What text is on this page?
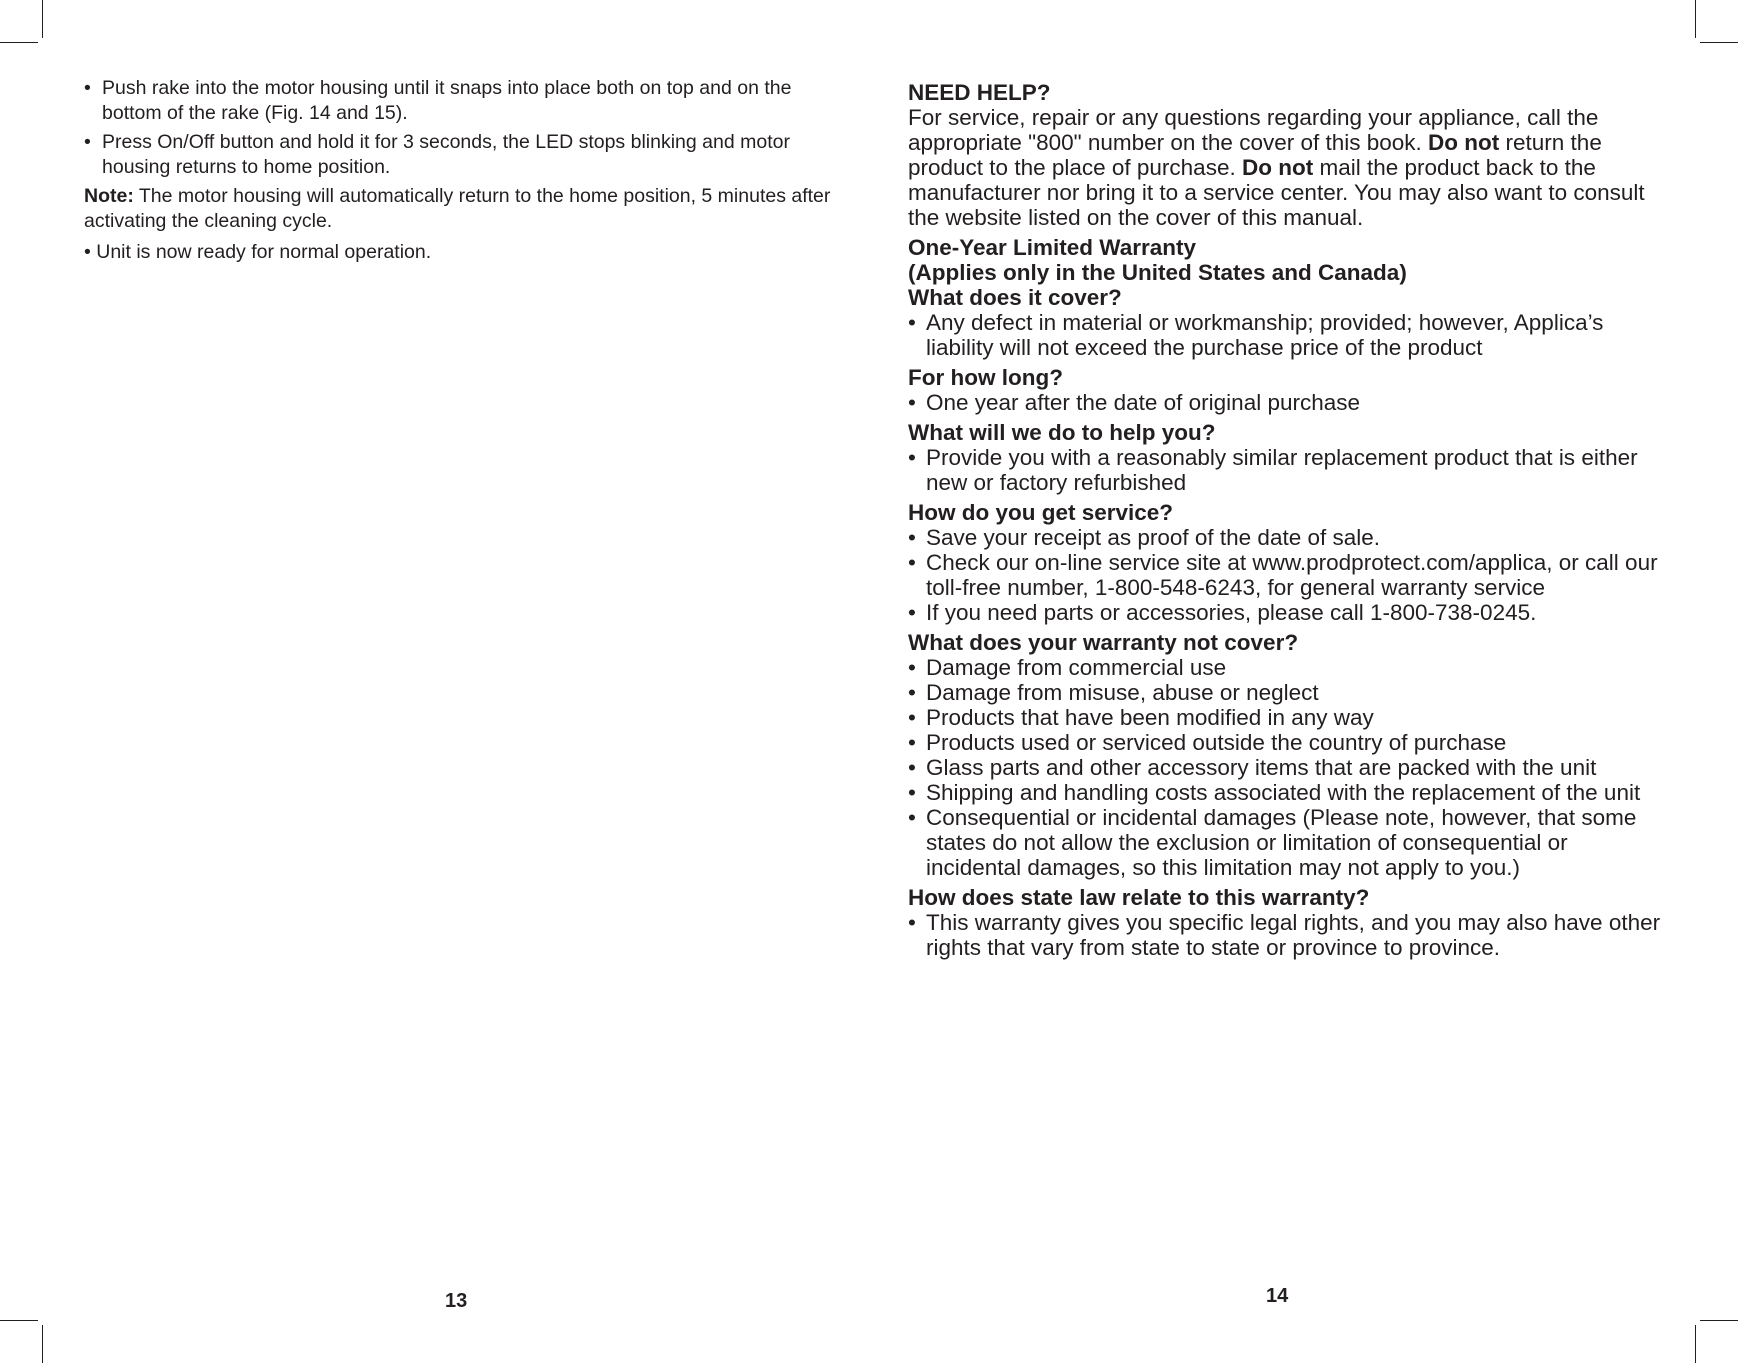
• Push rake into the motor housing until it snaps into place both on top and on the bottom of the rake (Fig. 14 and 15).
• Press On/Off button and hold it for 3 seconds, the LED stops blinking and motor housing returns to home position.
Note: The motor housing will automatically return to the home position, 5 minutes after activating the cleaning cycle.
• Unit is now ready for normal operation.
13
NEED HELP?
For service, repair or any questions regarding your appliance, call the appropriate "800" number on the cover of this book. Do not return the product to the place of purchase. Do not mail the product back to the manufacturer nor bring it to a service center. You may also want to consult the website listed on the cover of this manual.
One-Year Limited Warranty
(Applies only in the United States and Canada)
What does it cover?
• Any defect in material or workmanship; provided; however, Applica’s liability will not exceed the purchase price of the product
For how long?
• One year after the date of original purchase
What will we do to help you?
• Provide you with a reasonably similar replacement product that is either new or factory refurbished
How do you get service?
• Save your receipt as proof of the date of sale.
• Check our on-line service site at www.prodprotect.com/applica, or call our toll-free number, 1-800-548-6243, for general warranty service
• If you need parts or accessories, please call 1-800-738-0245.
What does your warranty not cover?
• Damage from commercial use
• Damage from misuse, abuse or neglect
• Products that have been modified in any way
• Products used or serviced outside the country of purchase
• Glass parts and other accessory items that are packed with the unit
• Shipping and handling costs associated with the replacement of the unit
• Consequential or incidental damages (Please note, however, that some states do not allow the exclusion or limitation of consequential or incidental damages, so this limitation may not apply to you.)
How does state law relate to this warranty?
• This warranty gives you specific legal rights, and you may also have other rights that vary from state to state or province to province.
14
